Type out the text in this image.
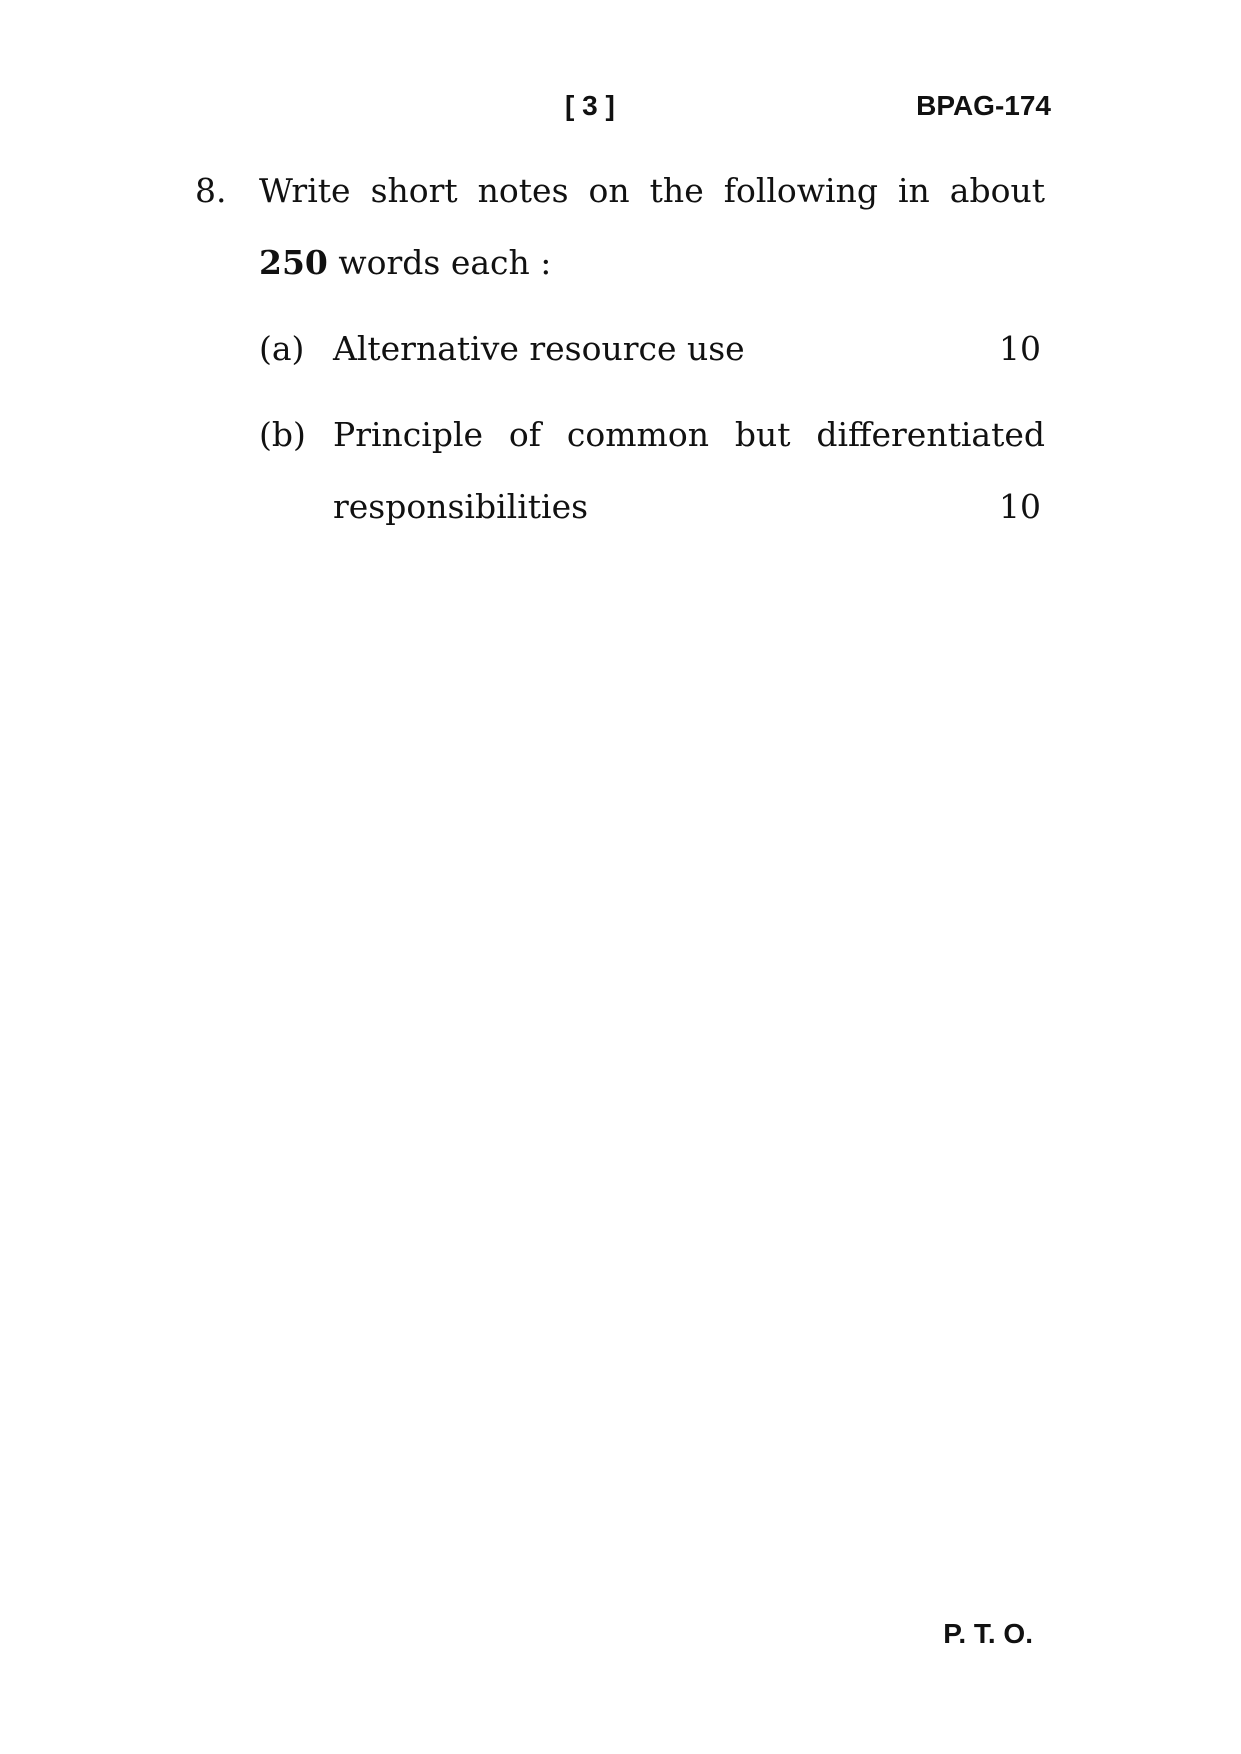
[ 3 ]	BPAG-174
8. Write short notes on the following in about
250 words each :
(a) Alternative resource use	10
(b) Principle of common but differentiated
responsibilities	10
P. T. O.
